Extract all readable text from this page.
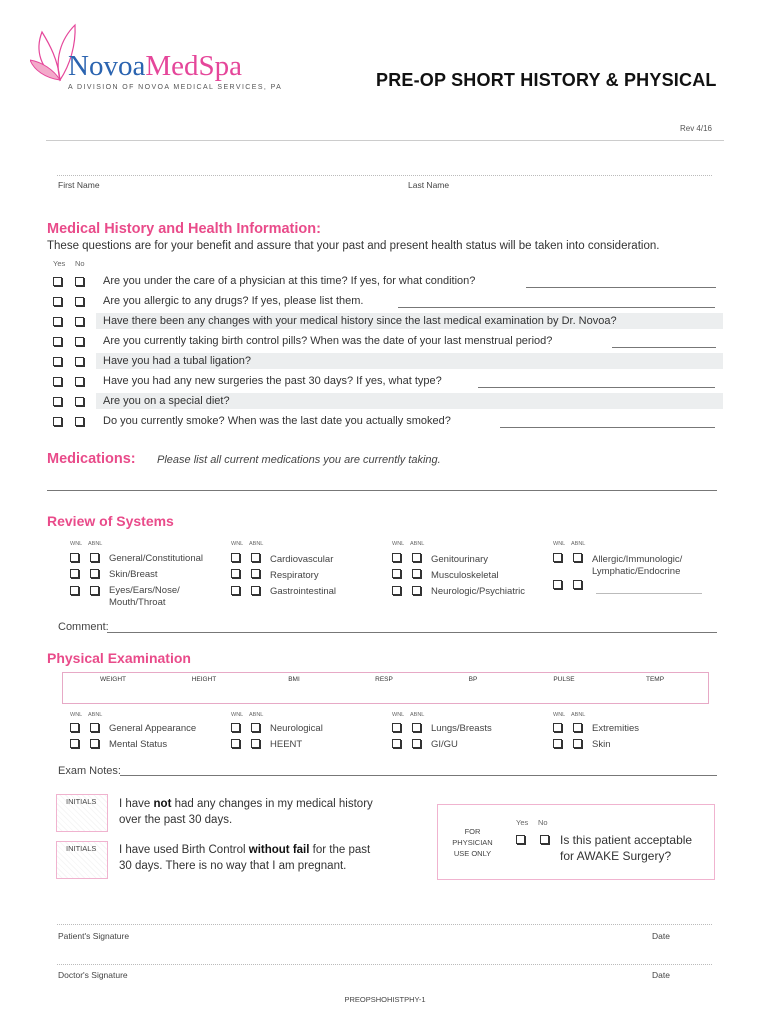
NovoaMedSpa
A DIVISION OF NOVOA MEDICAL SERVICES, PA	PRE-OP SHORT HISTORY & PHYSICAL
Rev 4/16
First Name	Last Name
Medical History and Health Information:
These questions are for your benefit and assure that your past and present health status will be taken into consideration.
Yes No
Are you under the care of a physician at this time? If yes, for what condition?
Are you allergic to any drugs? If yes, please list them.
Have there been any changes with your medical history since the last medical examination by Dr. Novoa?
Are you currently taking birth control pills? When was the date of your last menstrual period?
Have you had a tubal ligation?
Have you had any new surgeries the past 30 days? If yes, what type?
Are you on a special diet?
Do you currently smoke? When was the last date you actually smoked?
Medications: Please list all current medications you are currently taking.
Review of Systems
WNL ABNL	WNL ABNL	WNL ABNL	WNL ABNL
General/Constitutional
Skin/Breast
Eyes/Ears/Nose/
Mouth/Throat
Cardiovascular
Respiratory
Gastrointestinal
Genitourinary
Musculoskeletal
Neurologic/Psychiatric
Allergic/Immunologic/
Lymphatic/Endocrine
Comment:
Physical Examination
WEIGHT	HEIGHT	BMI	RESP	BP	PULSE	TEMP
WNL ABNL
General Appearance
Mental Status
WNL ABNL
Neurological
HEENT
WNL ABNL
Lungs/Breasts
GI/GU
WNL ABNL
Extremities
Skin
Exam Notes:
INITIALS I have not had any changes in my medical history
over the past 30 days.
INITIALS I have used Birth Control without fail for the past
30 days. There is no way that I am pregnant.
FOR
PHYSICIAN
USE ONLY
Yes No
Is this patient acceptable
for AWAKE Surgery?
Patient's Signature	Date
Doctor's Signature	Date
PREOPSHOHISTPHY-1
